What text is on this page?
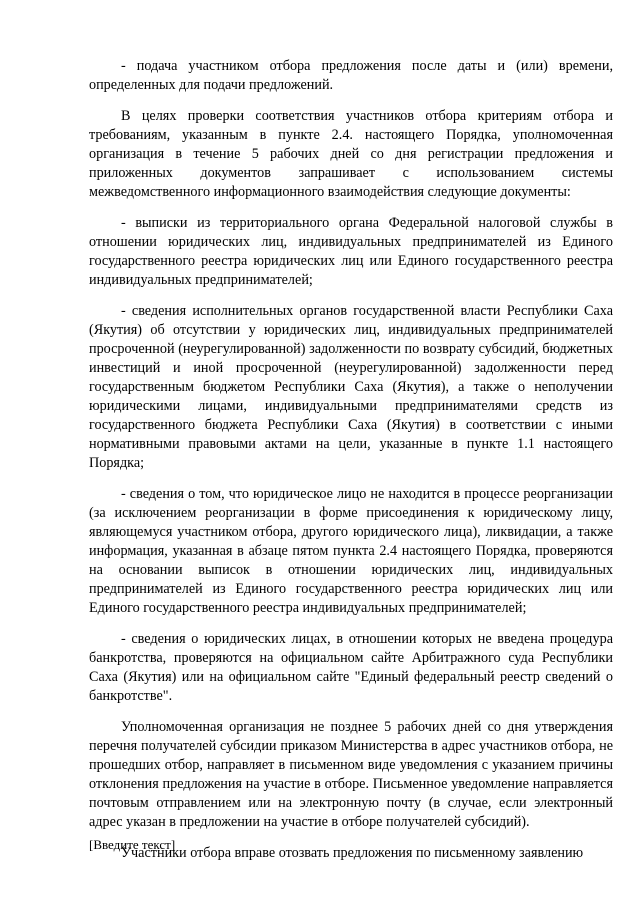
- подача участником отбора предложения после даты и (или) времени, определенных для подачи предложений.

В целях проверки соответствия участников отбора критериям отбора и требованиям, указанным в пункте 2.4. настоящего Порядка, уполномоченная организация в течение 5 рабочих дней со дня регистрации предложения и приложенных документов запрашивает с использованием системы межведомственного информационного взаимодействия следующие документы:

- выписки из территориального органа Федеральной налоговой службы в отношении юридических лиц, индивидуальных предпринимателей из Единого государственного реестра юридических лиц или Единого государственного реестра индивидуальных предпринимателей;

- сведения исполнительных органов государственной власти Республики Саха (Якутия) об отсутствии у юридических лиц, индивидуальных предпринимателей просроченной (неурегулированной) задолженности по возврату субсидий, бюджетных инвестиций и иной просроченной (неурегулированной) задолженности перед государственным бюджетом Республики Саха (Якутия), а также о неполучении юридическими лицами, индивидуальными предпринимателями средств из государственного бюджета Республики Саха (Якутия) в соответствии с иными нормативными правовыми актами на цели, указанные в пункте 1.1 настоящего Порядка;

- сведения о том, что юридическое лицо не находится в процессе реорганизации (за исключением реорганизации в форме присоединения к юридическому лицу, являющемуся участником отбора, другого юридического лица), ликвидации, а также информация, указанная в абзаце пятом пункта 2.4 настоящего Порядка, проверяются на основании выписок в отношении юридических лиц, индивидуальных предпринимателей из Единого государственного реестра юридических лиц или Единого государственного реестра индивидуальных предпринимателей;

- сведения о юридических лицах, в отношении которых не введена процедура банкротства, проверяются на официальном сайте Арбитражного суда Республики Саха (Якутия) или на официальном сайте "Единый федеральный реестр сведений о банкротстве".

Уполномоченная организация не позднее 5 рабочих дней со дня утверждения перечня получателей субсидии приказом Министерства в адрес участников отбора, не прошедших отбор, направляет в письменном виде уведомления с указанием причины отклонения предложения на участие в отборе. Письменное уведомление направляется почтовым отправлением или на электронную почту (в случае, если электронный адрес указан в предложении на участие в отборе получателей субсидий).

Участники отбора вправе отозвать предложения по письменному заявлению

[Введите текст]
